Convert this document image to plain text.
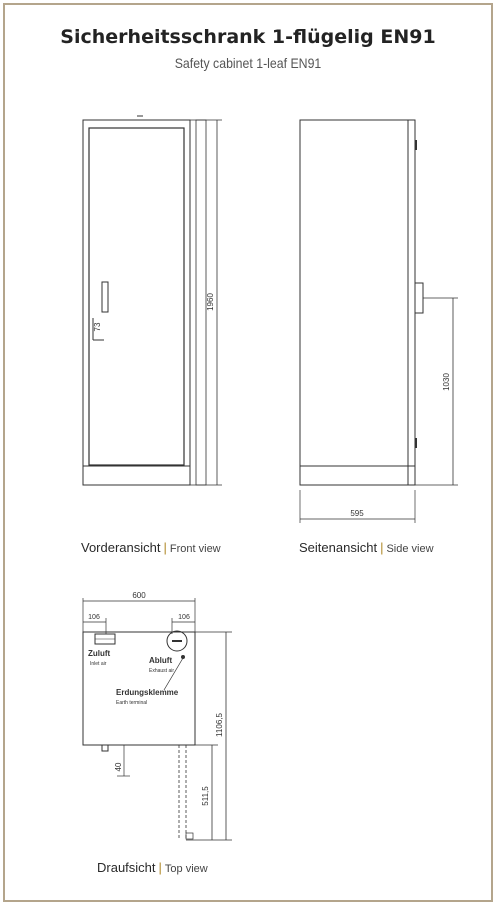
Sicherheitsschrank 1-flügelig EN91
Safety cabinet 1-leaf EN91
1960
73
1030
595
600
106	106
Zuluft
Inlet air	Abluft
Exhaust air
Erdungsklemme
Earth terminal
1106,5
511,5
40
Vorderansicht | Front view	Seitenansicht | Side view
Draufsicht | Top view
